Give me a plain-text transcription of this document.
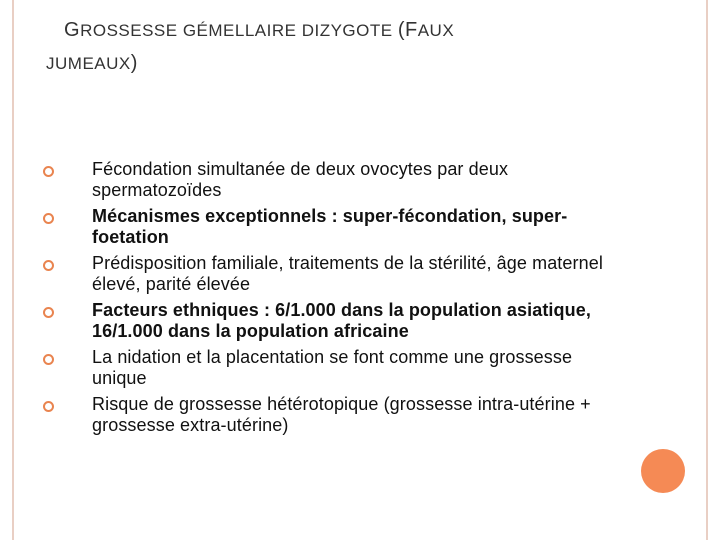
GROSSESSE GÉMELLAIRE DIZYGOTE (FAUX
JUMEAUX)
Fécondation simultanée de deux ovocytes par deux spermatozoïdes
Mécanismes exceptionnels : super-fécondation, super-foetation
Prédisposition familiale, traitements de la stérilité, âge maternel élevé, parité élevée
Facteurs ethniques : 6/1.000 dans la population asiatique, 16/1.000 dans la population africaine
La nidation et la placentation se font comme une grossesse unique
Risque de grossesse hétérotopique (grossesse intra-utérine + grossesse extra-utérine)
